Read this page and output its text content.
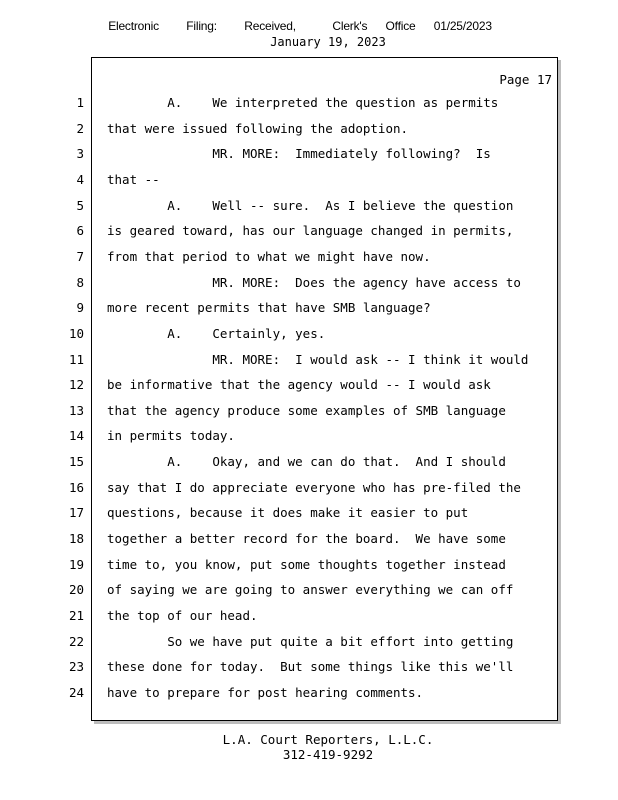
Electronic   Filing:   Received,    Clerk's  Office  01/25/2023
January 19, 2023
Page 17
1 A.    We interpreted the question as permits
2 that were issued following the adoption.
3 MR. MORE:  Immediately following?  Is
4 that --
5 A.    Well -- sure.  As I believe the question
6 is geared toward, has our language changed in permits,
7 from that period to what we might have now.
8 MR. MORE:  Does the agency have access to
9 more recent permits that have SMB language?
10 A.    Certainly, yes.
11 MR. MORE:  I would ask -- I think it would
12 be informative that the agency would -- I would ask
13 that the agency produce some examples of SMB language
14 in permits today.
15 A.    Okay, and we can do that.  And I should
16 say that I do appreciate everyone who has pre-filed the
17 questions, because it does make it easier to put
18 together a better record for the board.  We have some
19 time to, you know, put some thoughts together instead
20 of saying we are going to answer everything we can off
21 the top of our head.
22 So we have put quite a bit effort into getting
23 these done for today.  But some things like this we'll
24 have to prepare for post hearing comments.
L.A. Court Reporters, L.L.C.
312-419-9292
